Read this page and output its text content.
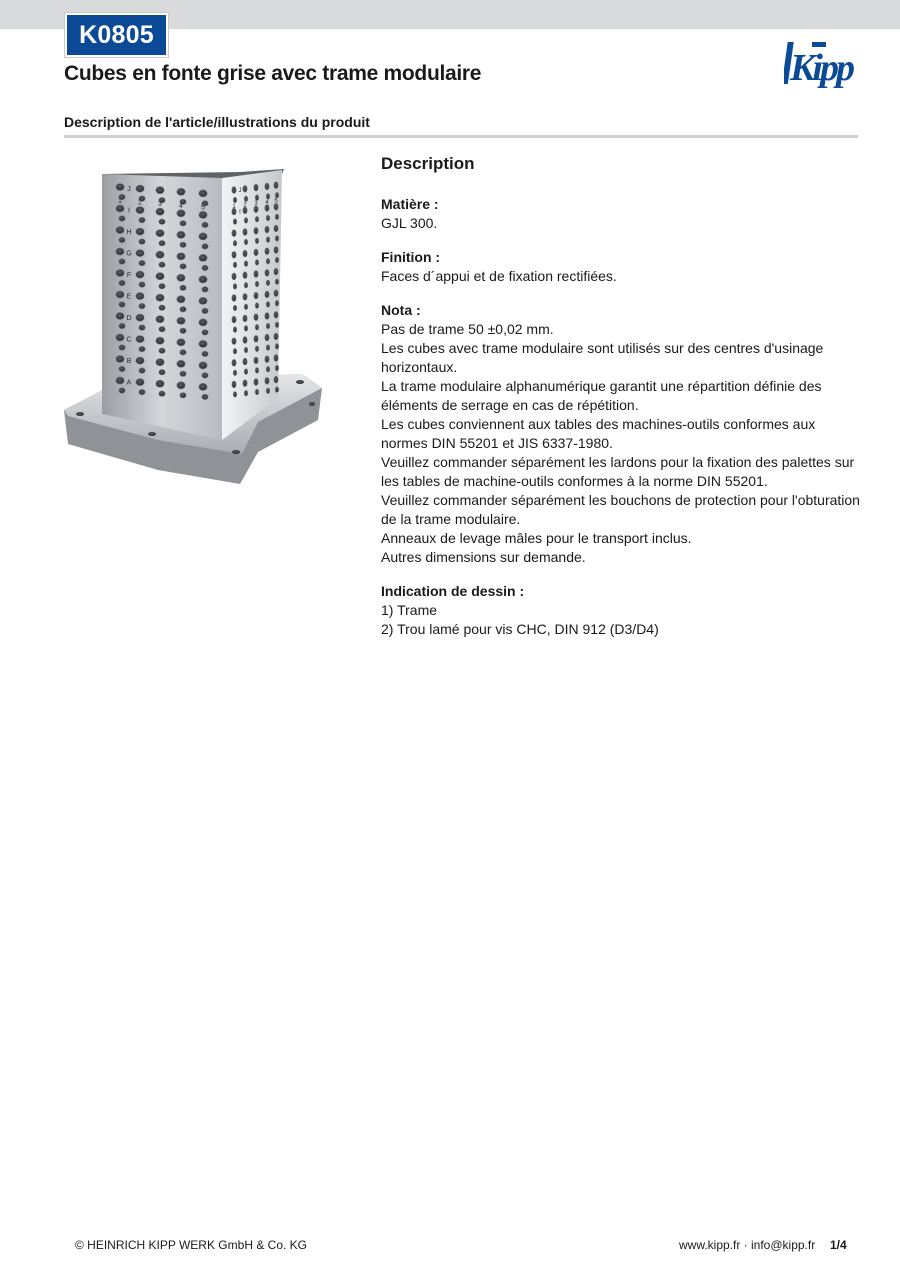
K0805
Cubes en fonte grise avec trame modulaire	Kipp
Description de l'article/illustrations du produit
J
I
H
G
F
E
D
C
B
A
1 2 3 4	5	1 2 3 4 5
J
I
Description

Matière :

GJL 300.

Finition :

Faces d´appui et de fixation rectifiées.

Nota :

Pas de trame 50 ±0,02 mm.

Les cubes avec trame modulaire sont utilisés sur des centres d'usinage horizontaux.

La trame modulaire alphanumérique garantit une répartition définie des éléments de serrage en cas de répétition.

Les cubes conviennent aux tables des machines-outils conformes aux normes DIN 55201 et JIS 6337-1980.

Veuillez commander séparément les lardons pour la fixation des palettes sur les tables de machine-outils conformes à la norme DIN 55201.

Veuillez commander séparément les bouchons de protection pour l'obturation de la trame modulaire.

Anneaux de levage mâles pour le transport inclus.

Autres dimensions sur demande.

Indication de dessin :

1) Trame

2) Trou lamé pour vis CHC, DIN 912 (D3/D4)

© HEINRICH KIPP WERK GmbH & Co. KG	www.kipp.fr · info@kipp.fr 1/4
